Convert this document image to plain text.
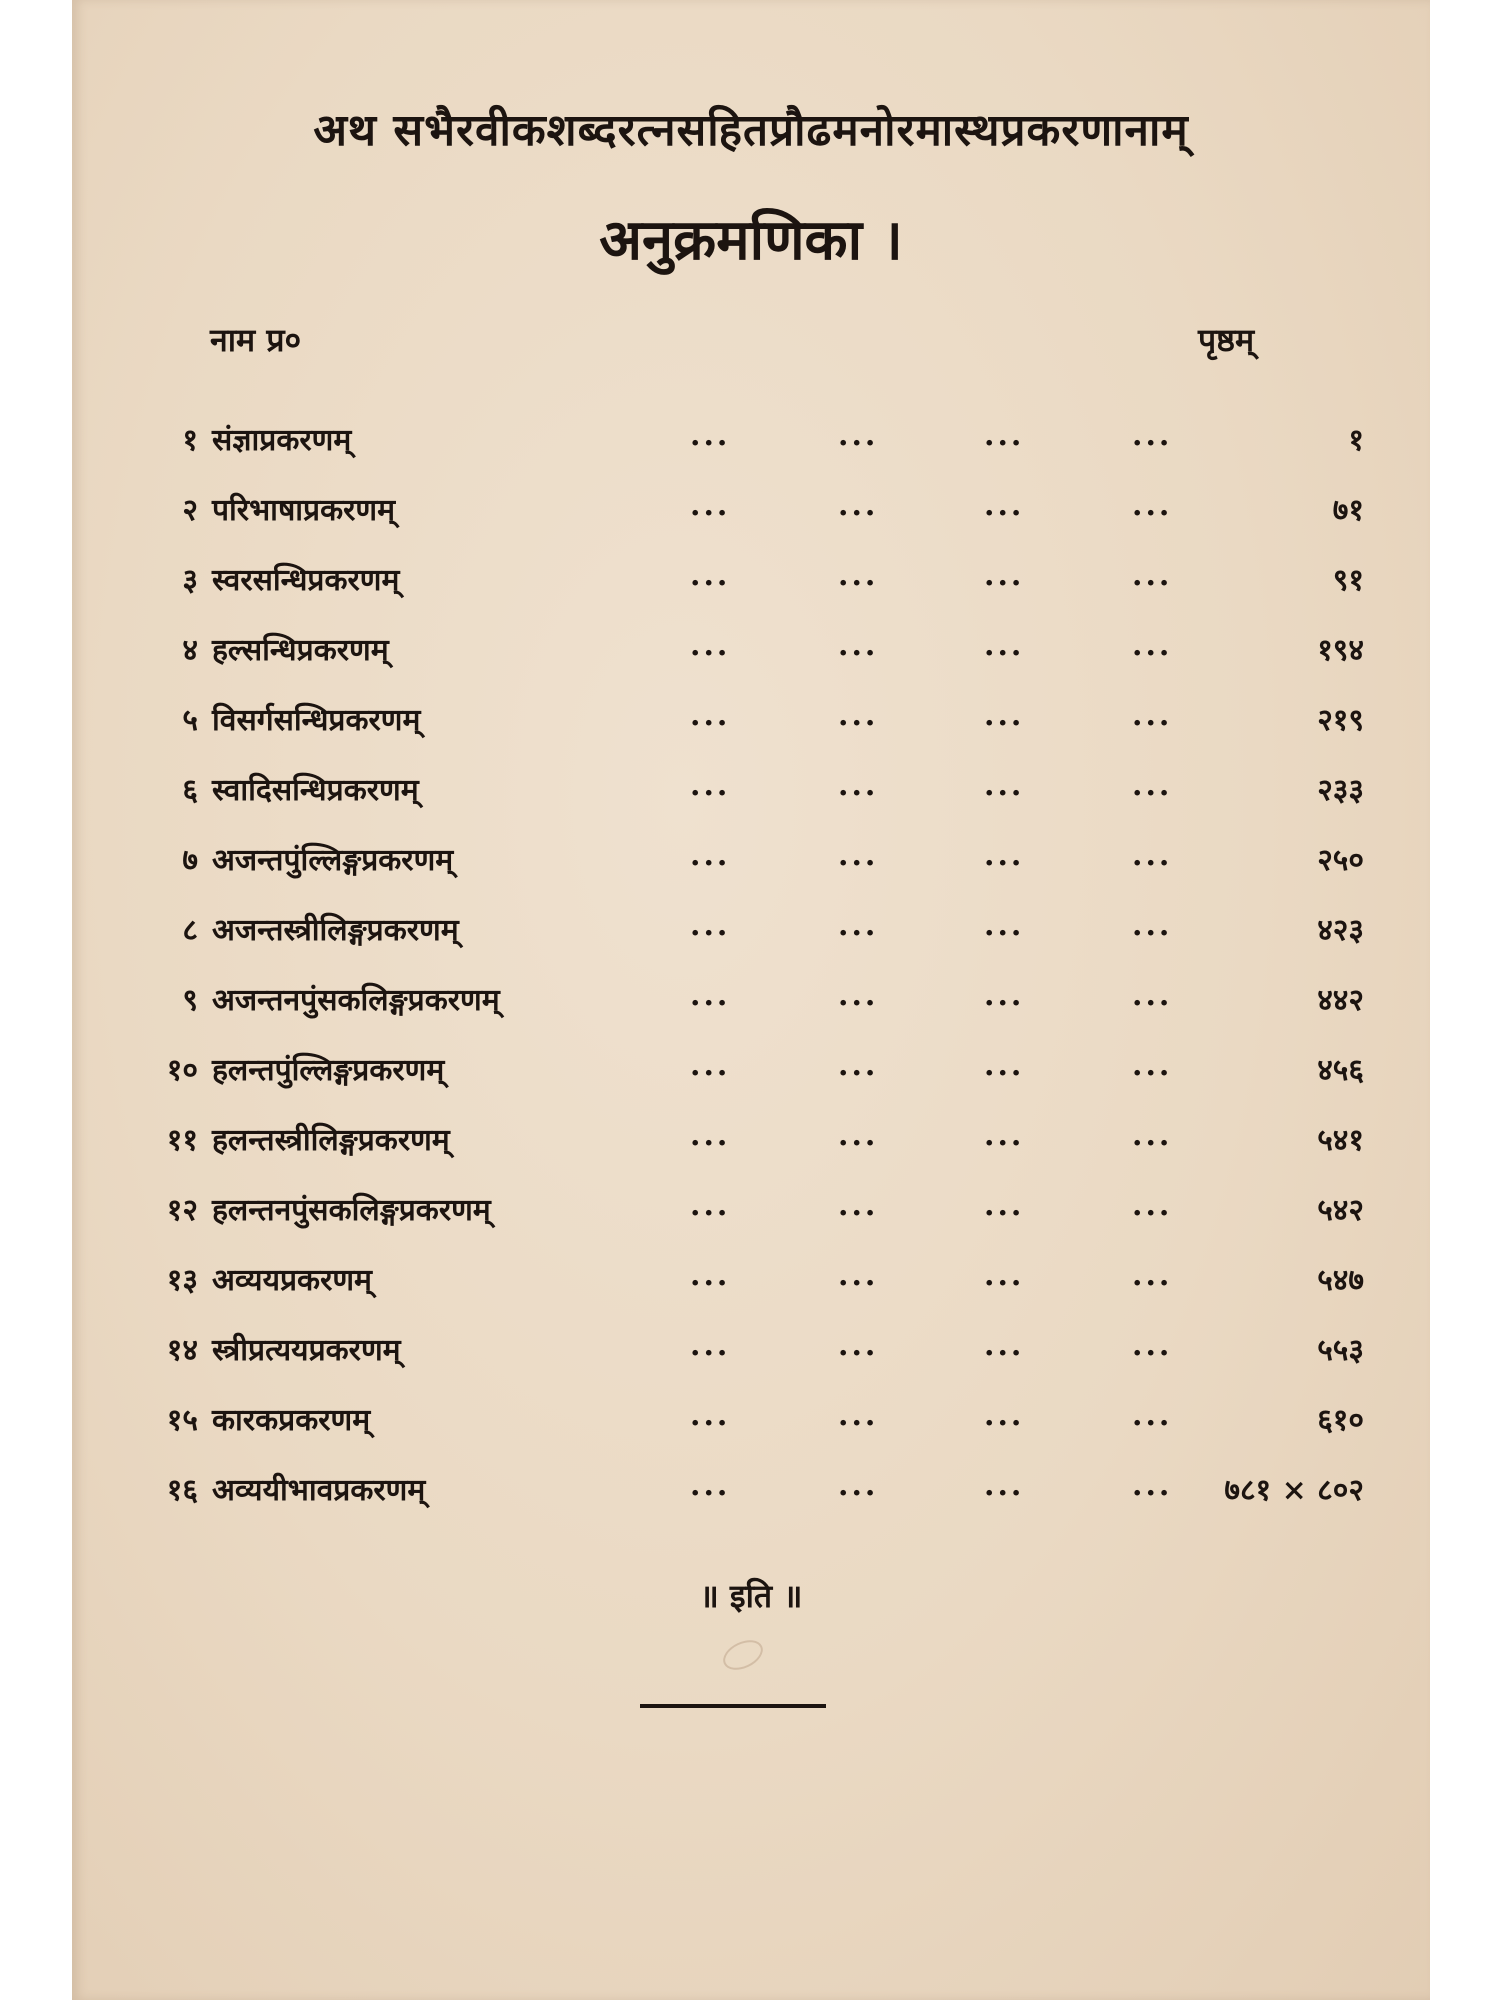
अथ सभैरवीकशब्दरत्नसहितप्रौढमनोरमास्थप्रकरणानाम्
अनुक्रमणिका ।
नाम प्र०	पृष्ठम्
१ संज्ञाप्रकरणम्	...	...	...	...	१
२ परिभाषाप्रकरणम्	...	...	...	...	७१
३ स्वरसन्धिप्रकरणम्	...	...	...	...	९१
४ हल्सन्धिप्रकरणम्	...	...	...	...	१९४
५ विसर्गसन्धिप्रकरणम्	...	...	...	...	२१९
६ स्वादिसन्धिप्रकरणम्	...	...	...	...	२३३
७ अजन्तपुंल्लिङ्गप्रकरणम्	...	...	...	...	२५०
८ अजन्तस्त्रीलिङ्गप्रकरणम्	...	...	...	...	४२३
९ अजन्तनपुंसकलिङ्गप्रकरणम्	...	...	...	...	४४२
१० हलन्तपुंल्लिङ्गप्रकरणम्	...	...	...	...	४५६
११ हलन्तस्त्रीलिङ्गप्रकरणम्	...	...	...	...	५४१
१२ हलन्तनपुंसकलिङ्गप्रकरणम्	...	...	...	...	५४२
१३ अव्ययप्रकरणम्	...	...	...	...	५४७
१४ स्त्रीप्रत्ययप्रकरणम्	...	...	...	...	५५३
१५ कारकप्रकरणम्	...	...	...	...	६१०
१६ अव्ययीभावप्रकरणम्	...	...	...	...	७८१ × ८०२
॥ इति ॥
